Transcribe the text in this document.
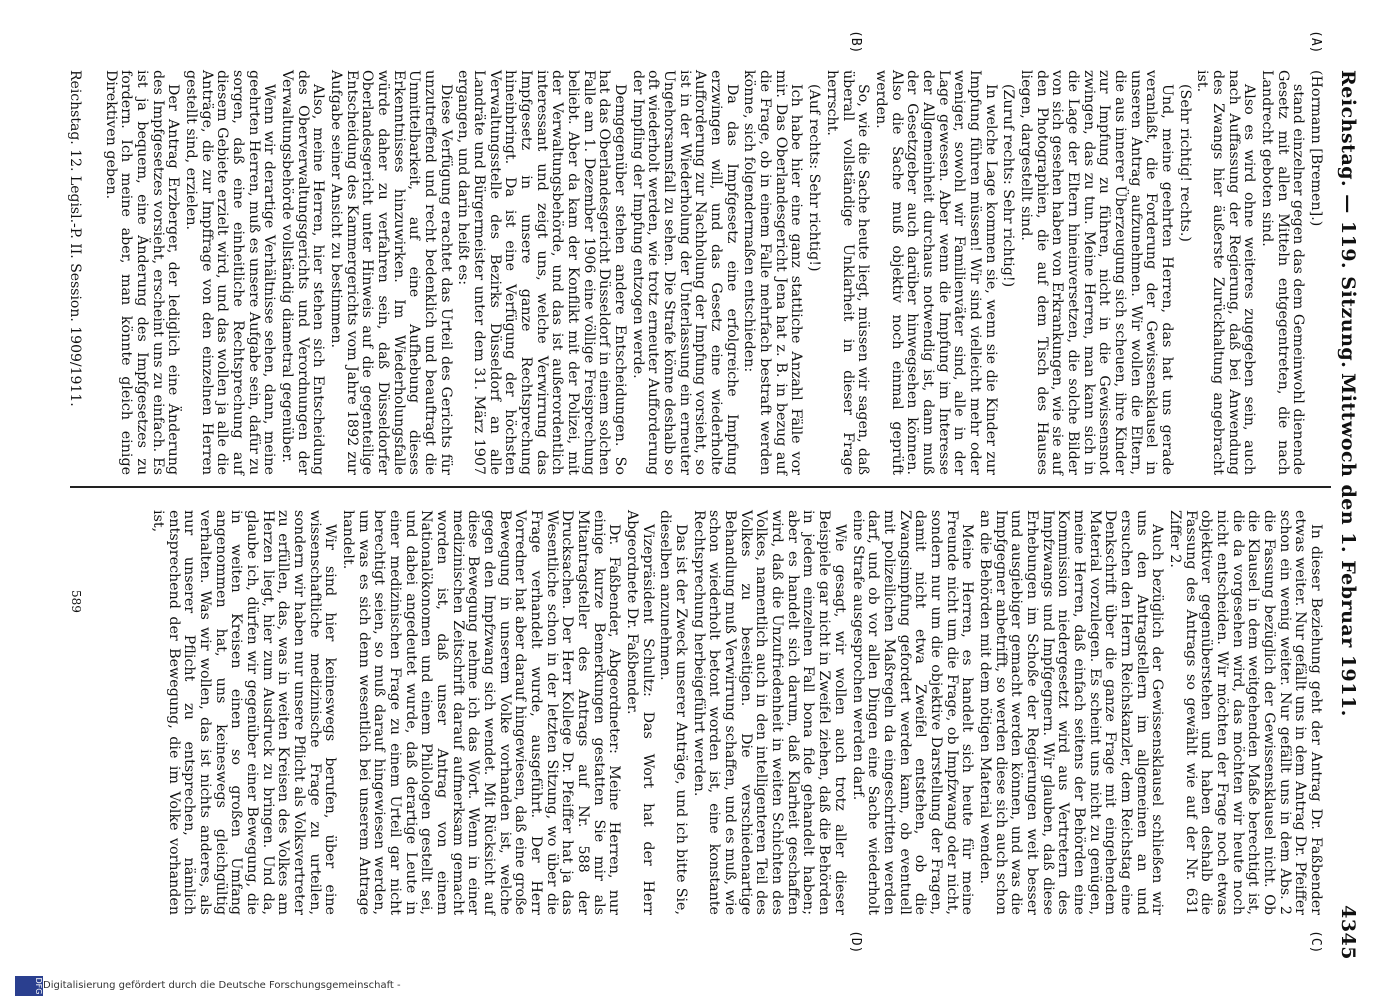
Reichstag. — 119. Sitzung.
Mittwoch den 1. Februar 1911.
4345
(A)
(B)
(C)
(D)

(Hormann [Bremen].)

stand einzelner gegen das dem Gemeinwohl dienende Gesetz mit allen Mitteln entgegentreten, die nach Landrecht geboten sind.

Also es wird ohne weiteres zugegeben sein, auch nach Auffassung der Regierung, daß bei Anwendung des Zwangs hier äußerste Zurückhaltung angebracht ist.

(Sehr richtig! rechts.)

Und, meine geehrten Herren, das hat uns gerade veranlaßt, die Forderung der Gewissensklausel in unseren Antrag aufzunehmen. Wir wollen die Eltern, die aus innerer Überzeugung sich scheuen, ihre Kinder zur Impfung zu führen, nicht in die Gewissensnot zwingen, das zu tun. Meine Herren, man kann sich in die Lage der Eltern hineinversetzen, die solche Bilder von sich gesehen haben von Erkrankungen, wie sie auf den Photographien, die auf dem Tisch des Hauses liegen, dargestellt sind.

(Zuruf rechts: Sehr richtig!)

In welche Lage kommen sie, wenn sie die Kinder zur Impfung führen müssen! Wir sind vielleicht mehr oder weniger, sowohl wir Familienväter sind, alle in der Lage gewesen. Aber wenn die Impfung im Interesse der Allgemeinheit durchaus notwendig ist, dann muß der Gesetzgeber auch darüber hinwegsehen können. Also die Sache muß objektiv noch einmal geprüft werden.

So, wie die Sache heute liegt, müssen wir sagen, daß überall vollständige Unklarheit in dieser Frage herrscht.

(Auf rechts: Sehr richtig!)

Ich habe hier eine ganz stattliche Anzahl Fälle vor mir. Das Oberlandesgericht Jena hat z. B. in bezug auf die Frage, ob in einem Falle mehrfach bestraft werden könne, sich folgendermaßen entschieden:

Da das Impfgesetz eine erfolgreiche Impfung erzwingen will, und das Gesetz eine wiederholte Aufforderung zur Nachholung der Impfung vorsieht, so ist in der Wiederholung der Unterlassung ein erneuter Ungehorsamsfall zu sehen. Die Strafe könne deshalb so oft wiederholt werden, wie trotz erneuter Aufforderung der Impfling der Impfung entzogen werde.

Demgegenüber stehen andere Entscheidungen. So hat das Oberlandesgericht Düsseldorf in einem solchen Falle am 1. Dezember 1906 eine völlige Freisprechung beliebt. Aber da kam der Konflikt mit der Polizei, mit der Verwaltungsbehörde, und das ist außerordentlich interessant und zeigt uns, welche Verwirrung das Impfgesetz in unsere ganze Rechtsprechung hineinbringt. Da ist eine Verfügung der höchsten Verwaltungsstelle des Bezirks Düsseldorf an alle Landräte und Bürgermeister unter dem 31. März 1907 ergangen, und darin heißt es:

Diese Verfügung erachtet das Urteil des Gerichts für unzutreffend und recht bedenklich und beauftragt die Unmittelbarkeit, auf eine Aufhebung dieses Erkenntnisses hinzuwirken. Im Wiederholungsfalle würde daher zu verfahren sein, daß Düsseldorfer Oberlandesgericht unter Hinweis auf die gegenteilige Entscheidung des Kammergerichts vom Jahre 1892 zur Aufgabe seiner Ansicht zu bestimmen.

Also, meine Herren, hier stehen sich Entscheidung des Oberverwaltungsgerichts und Verordnungen der Verwaltungsbehörde vollständig diametral gegenüber.

Wenn wir derartige Verhältnisse sehen, dann, meine geehrten Herren, muß es unsere Aufgabe sein, dafür zu sorgen, daß eine einheitliche Rechtsprechung auf diesem Gebiete erzielt wird, und das wollen ja alle die Anträge, die zur Impffrage von den einzelnen Herren gestellt sind, erzielen.

Der Antrag Erzberger, der lediglich eine Änderung des Impfgesetzes vorsieht, erscheint uns zu einfach. Es ist ja bequem, eine Änderung des Impfgesetzes zu fordern. Ich meine aber, man könnte gleich einige Direktiven geben.

In dieser Beziehung geht der Antrag Dr. Faßbender etwas weiter. Nur gefällt uns in dem Antrag Dr. Pfeiffer schon ein wenig weiter. Nur gefällt uns in dem Abs. 2 die Fassung bezüglich der Gewissensklausel nicht. Ob die Klausel in dem weitgehenden Maße berechtigt ist, die da vorgesehen wird, das möchten wir heute noch nicht entscheiden. Wir möchten der Frage noch etwas objektiver gegenüberstehen und haben deshalb die Fassung des Antrags so gewählt wie auf der Nr. 631 Ziffer 2.

Auch bezüglich der Gewissensklausel schließen wir uns den Antragstellern im allgemeinen an und ersuchen den Herrn Reichskanzler, dem Reichstag eine Denkschrift über die ganze Frage mit eingehendem Material vorzulegen. Es scheint uns nicht zu genügen, meine Herren, daß einfach seitens der Behörden eine Kommission niedergesetzt wird aus Vertretern des Impfzwangs und Impfgegnern. Wir glauben, daß diese Erhebungen im Schoße der Regierungen weit besser und ausgiebiger gemacht werden können, und was die Impfgegner anbetrifft, so werden diese sich auch schon an die Behörden mit dem nötigen Material wenden.

Meine Herren, es handelt sich heute für meine Freunde nicht um die Frage, ob Impfzwang oder nicht, sondern nur um die objektive Darstellung der Fragen, damit nicht etwa Zweifel entstehen, ob die Zwangsimpfung gefordert werden kann, ob eventuell mit polizeilichen Maßregeln da eingeschritten werden darf, und ob vor allen Dingen eine Sache wiederholt eine Strafe ausgesprochen werden darf.

Wie gesagt, wir wollen auch trotz aller dieser Beispiele gar nicht in Zweifel ziehen, daß die Behörden in jedem einzelnen Fall bona fide gehandelt haben; aber es handelt sich darum, daß Klarheit geschaffen wird, daß die Unzufriedenheit in weiten Schichten des Volkes, namentlich auch in den intelligenteren Teil des Volkes zu beseitigen. Die verschiedenartige Behandlung muß Verwirrung schaffen, und es muß, wie schon wiederholt betont worden ist, eine konstante Rechtsprechung herbeigeführt werden.

Das ist der Zweck unserer Anträge, und ich bitte Sie, dieselben anzunehmen.

Vizepräsident Schultz: Das Wort hat der Herr Abgeordnete Dr. Faßbender.

Dr. Faßbender, Abgeordneter: Meine Herren, nur einige kurze Bemerkungen gestatten Sie mir als Mitantragsteller des Antrags auf Nr. 588 der Drucksachen. Der Herr Kollege Dr. Pfeiffer hat ja das Wesentliche schon in der letzten Sitzung, wo über die Frage verhandelt wurde, ausgeführt. Der Herr Vorredner hat aber darauf hingewiesen, daß eine große Bewegung in unserem Volke vorhanden ist, welche gegen den Impfzwang sich wendet. Mit Rücksicht auf diese Bewegung nehme ich das Wort. Wenn in einer medizinischen Zeitschrift darauf aufmerksam gemacht worden ist, daß unser Antrag von einem Nationalökonomen und einem Philologen gestellt sei, und dabei angedeutet wurde, daß derartige Leute in einer medizinischen Frage zu einem Urteil gar nicht berechtigt seien, so muß darauf hingewiesen werden, um was es sich denn wesentlich bei unserem Antrage handelt.

Wir sind hier keineswegs berufen, über eine wissenschaftliche medizinische Frage zu urteilen, sondern wir haben nur unsere Pflicht als Volksvertreter zu erfüllen, das, was in weiten Kreisen des Volkes am Herzen liegt, hier zum Ausdruck zu bringen. Und da, glaube ich, dürfen wir gegenüber einer Bewegung, die in weiten Kreisen einen so großen Umfang angenommen hat, uns keineswegs gleichgültig verhalten. Was wir wollen, das ist nichts anderes, als nur unserer Pflicht zu entsprechen, nämlich entsprechend der Bewegung, die im Volke vorhanden ist,

Reichstag. 12. Legisl.-P. II. Session. 1909/1911.
589
Digitalisierung gefördert durch die Deutsche Forschungsgemeinschaft -
DFG
